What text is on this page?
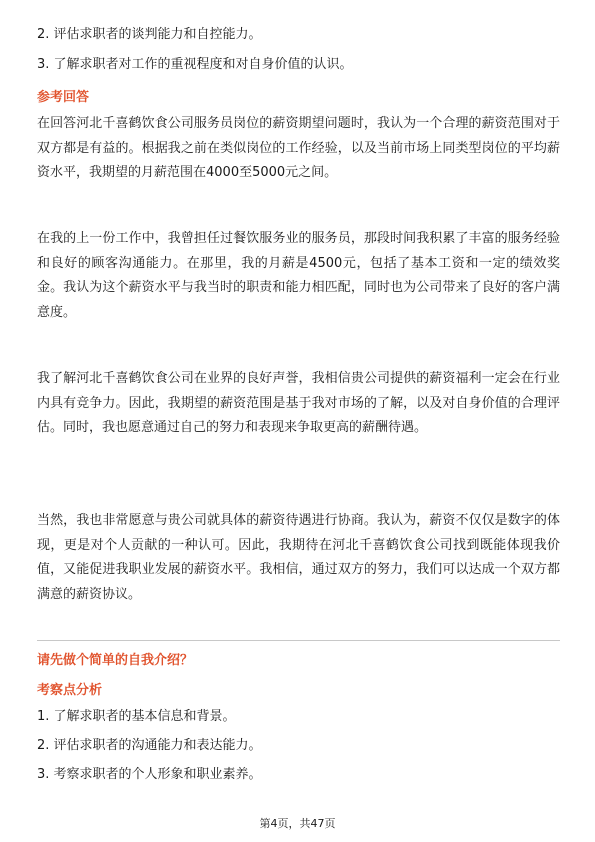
2. 评估求职者的谈判能力和自控能力。
3. 了解求职者对工作的重视程度和对自身价值的认识。
参考回答
在回答河北千喜鹤饮食公司服务员岗位的薪资期望问题时，我认为一个合理的薪资范围对于双方都是有益的。根据我之前在类似岗位的工作经验，以及当前市场上同类型岗位的平均薪资水平，我期望的月薪范围在4000至5000元之间。
在我的上一份工作中，我曾担任过餐饮服务业的服务员，那段时间我积累了丰富的服务经验和良好的顾客沟通能力。在那里，我的月薪是4500元，包括了基本工资和一定的绩效奖金。我认为这个薪资水平与我当时的职责和能力相匹配，同时也为公司带来了良好的客户满意度。
我了解河北千喜鹤饮食公司在业界的良好声誉，我相信贵公司提供的薪资福利一定会在行业内具有竞争力。因此，我期望的薪资范围是基于我对市场的了解，以及对自身价值的合理评估。同时，我也愿意通过自己的努力和表现来争取更高的薪酬待遇。
当然，我也非常愿意与贵公司就具体的薪资待遇进行协商。我认为，薪资不仅仅是数字的体现，更是对个人贡献的一种认可。因此，我期待在河北千喜鹤饮食公司找到既能体现我价值，又能促进我职业发展的薪资水平。我相信，通过双方的努力，我们可以达成一个双方都满意的薪资协议。
请先做个简单的自我介绍？
考察点分析
1. 了解求职者的基本信息和背景。
2. 评估求职者的沟通能力和表达能力。
3. 考察求职者的个人形象和职业素养。
第4页，共47页
